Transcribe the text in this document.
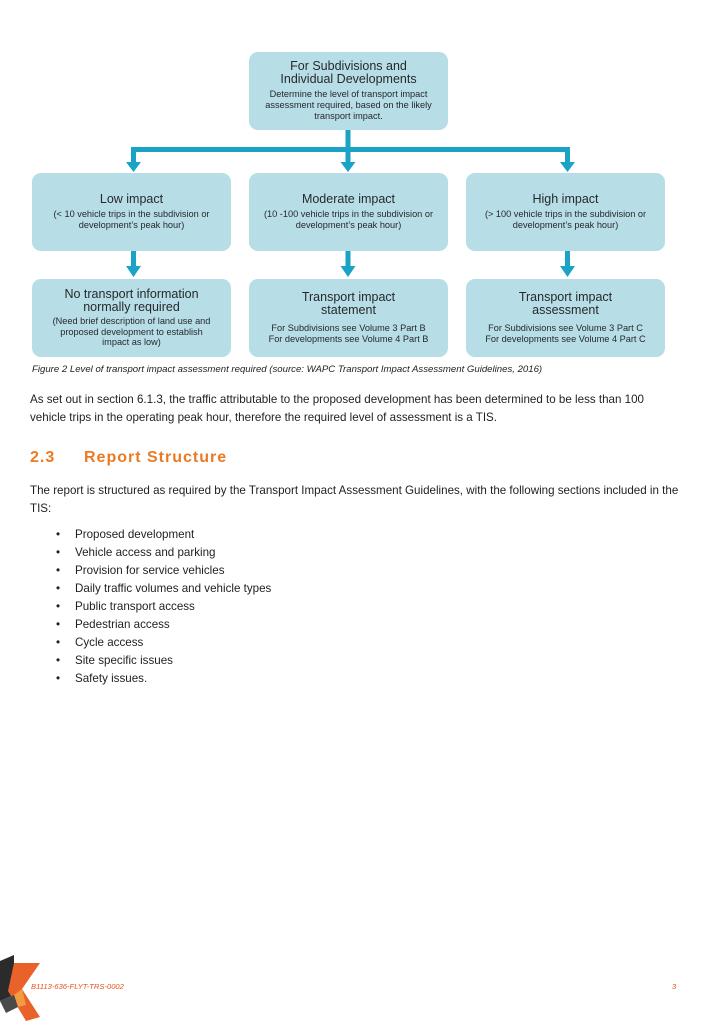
For Subdivisions and Individual Developments
Determine the level of transport impact assessment required, based on the likely transport impact.
Low impact
(< 10 vehicle trips in the subdivision or development’s peak hour)
Moderate impact
(10 -100 vehicle trips in the subdivision or development’s peak hour)
High impact
(> 100 vehicle trips in the subdivision or development’s peak hour)
No transport information normally required
(Need brief description of land use and proposed development to establish impact as low)
Transport impact statement
For Subdivisions see Volume 3 Part B For developments see Volume 4 Part B
Transport impact assessment
For Subdivisions see Volume 3 Part C For developments see Volume 4 Part C
Figure 2 Level of transport impact assessment required (source: WAPC Transport Impact Assessment Guidelines, 2016)
As set out in section 6.1.3, the traffic attributable to the proposed development has been determined to be less than 100 vehicle trips in the operating peak hour, therefore the required level of assessment is a TIS.
2.3 Report Structure
The report is structured as required by the Transport Impact Assessment Guidelines, with the following sections included in the TIS:
• Proposed development
• Vehicle access and parking
• Provision for service vehicles
• Daily traffic volumes and vehicle types
• Public transport access
• Pedestrian access
• Cycle access
• Site specific issues
• Safety issues.
B1113-636-FLYT-TRS-0002	3
